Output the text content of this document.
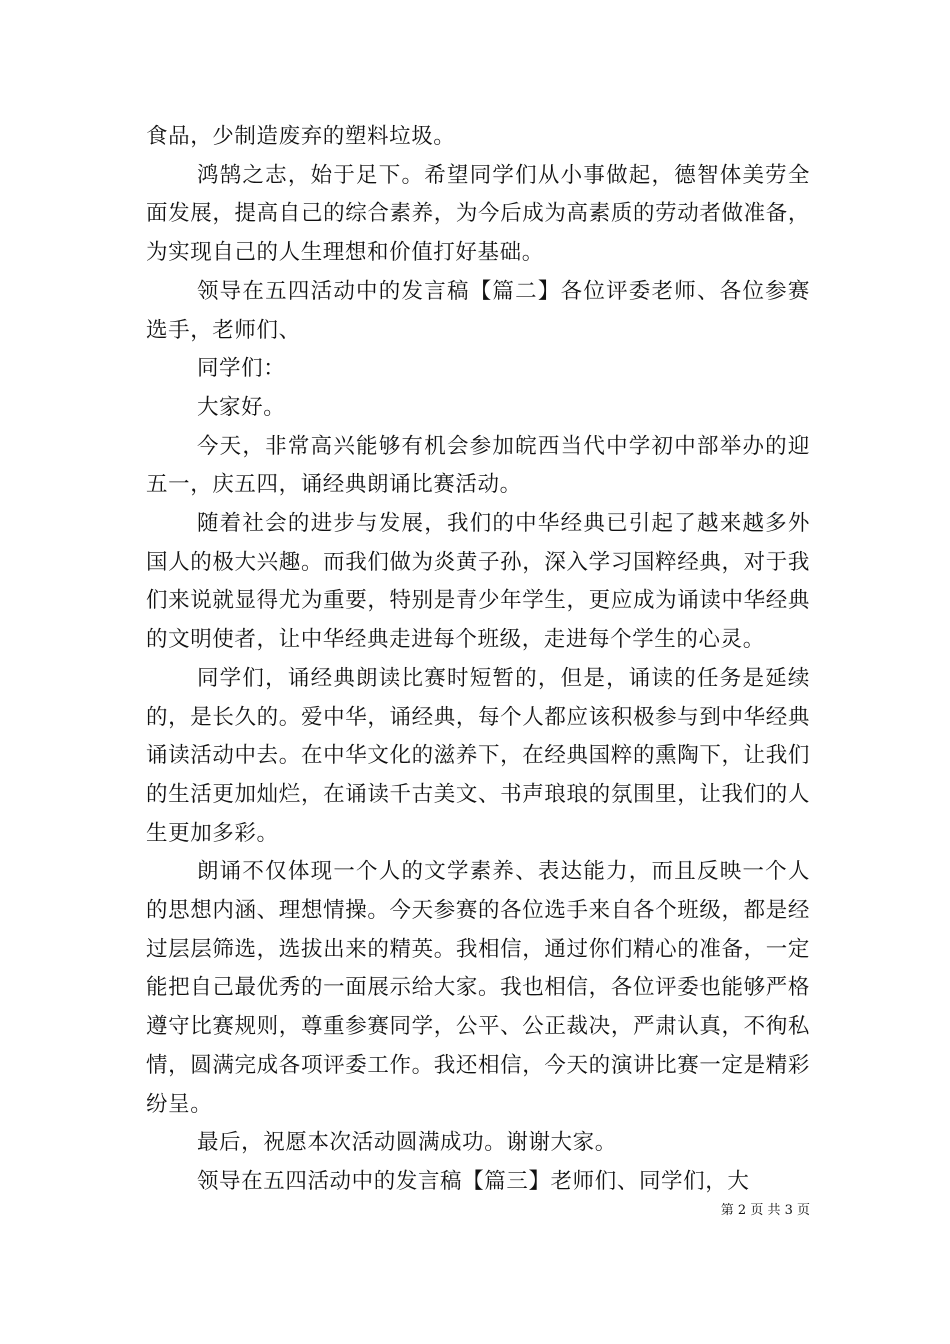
食品，少制造废弃的塑料垃圾。

鸿鹄之志，始于足下。希望同学们从小事做起，德智体美劳全面发展，提高自己的综合素养，为今后成为高素质的劳动者做准备，为实现自己的人生理想和价值打好基础。

领导在五四活动中的发言稿【篇二】各位评委老师、各位参赛选手，老师们、

同学们：

大家好。

今天，非常高兴能够有机会参加皖西当代中学初中部举办的迎五一，庆五四，诵经典朗诵比赛活动。

随着社会的进步与发展，我们的中华经典已引起了越来越多外国人的极大兴趣。而我们做为炎黄子孙，深入学习国粹经典，对于我们来说就显得尤为重要，特别是青少年学生，更应成为诵读中华经典的文明使者，让中华经典走进每个班级，走进每个学生的心灵。

同学们，诵经典朗读比赛时短暂的，但是，诵读的任务是延续的，是长久的。爱中华，诵经典，每个人都应该积极参与到中华经典诵读活动中去。在中华文化的滋养下，在经典国粹的熏陶下，让我们的生活更加灿烂，在诵读千古美文、书声琅琅的氛围里，让我们的人生更加多彩。

朗诵不仅体现一个人的文学素养、表达能力，而且反映一个人的思想内涵、理想情操。今天参赛的各位选手来自各个班级，都是经过层层筛选，选拔出来的精英。我相信，通过你们精心的准备，一定能把自己最优秀的一面展示给大家。我也相信，各位评委也能够严格遵守比赛规则，尊重参赛同学，公平、公正裁决，严肃认真，不徇私情，圆满完成各项评委工作。我还相信，今天的演讲比赛一定是精彩纷呈。

最后，祝愿本次活动圆满成功。谢谢大家。

领导在五四活动中的发言稿【篇三】老师们、同学们，大

第 2 页 共 3 页
